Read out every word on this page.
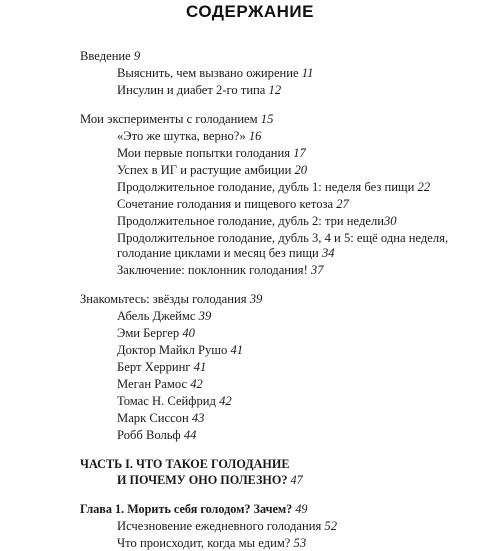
СОДЕРЖАНИЕ
Введение 9
Выяснить, чем вызвано ожирение 11
Инсулин и диабет 2-го типа 12
Мои эксперименты с голоданием 15
«Это же шутка, верно?» 16
Мои первые попытки голодания 17
Успех в ИГ и растущие амбиции 20
Продолжительное голодание, дубль 1: неделя без пищи 22
Сочетание голодания и пищевого кетоза 27
Продолжительное голодание, дубль 2: три недели30
Продолжительное голодание, дубль 3, 4 и 5: ещё одна неделя,
голодание циклами и месяц без пищи 34
Заключение: поклонник голодания! 37
Знакомьтесь: звёзды голодания 39
Абель Джеймс 39
Эми Бергер 40
Доктор Майкл Рушо 41
Берт Херринг 41
Меган Рамос 42
Томас Н. Сейфрид 42
Марк Сиссон 43
Робб Вольф 44
ЧАСТЬ I. ЧТО ТАКОЕ ГОЛОДАНИЕ
И ПОЧЕМУ ОНО ПОЛЕЗНО? 47
Глава 1. Морить себя голодом? Зачем? 49
Исчезновение ежедневного голодания 52
Что происходит, когда мы едим? 53
